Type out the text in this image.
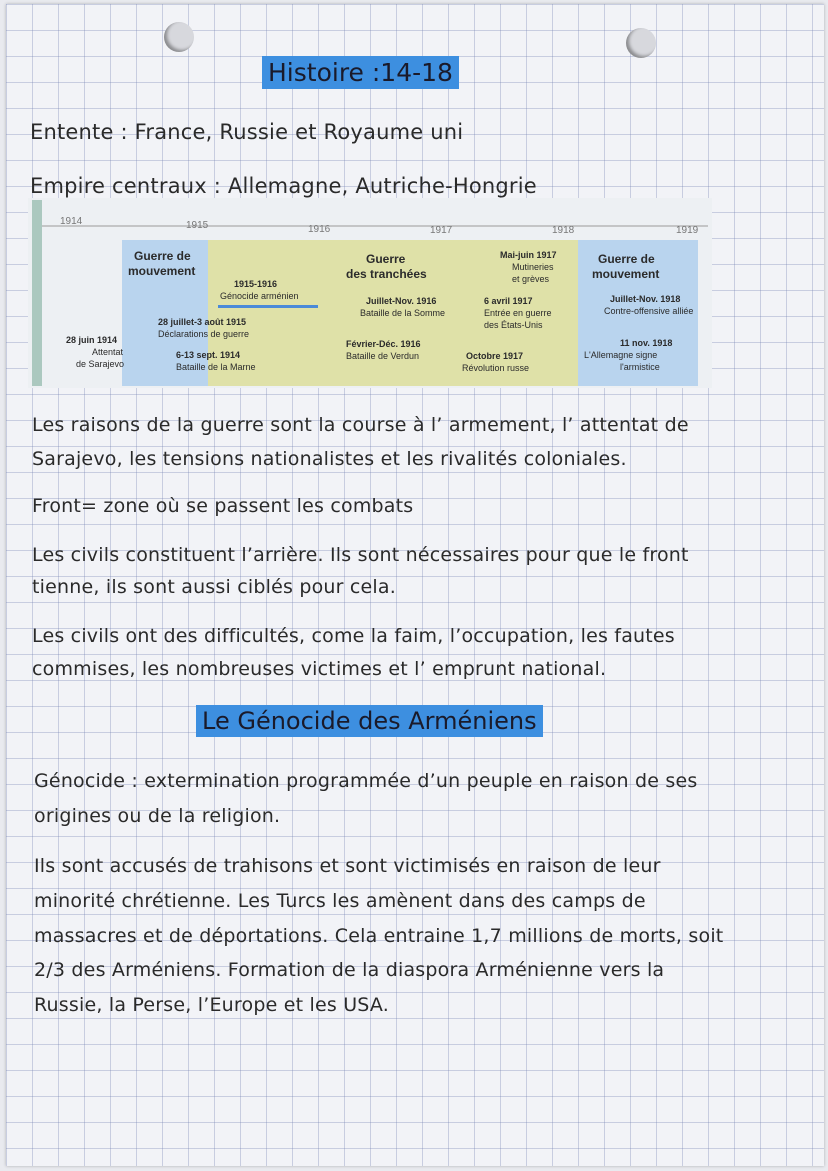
Histoire :14-18
Entente : France, Russie et Royaume uni
Empire centraux : Allemagne, Autriche-Hongrie
1914	1915	1916	1917	1918	1919
Guerre de
mouvement
Guerre
des tranchées
Guerre de
mouvement
28 juin 1914
Attentat
de Sarajevo
28 juillet-3 août 1915
Déclarations de guerre
6-13 sept. 1914
Bataille de la Marne
1915-1916
Génocide arménien	Juillet-Nov. 1916
Bataille de la Somme
Février-Déc. 1916
Bataille de Verdun
Mai-juin 1917
Mutineries
et grèves
6 avril 1917
Entrée en guerre
des États-Unis
Octobre 1917
Révolution russe
Juillet-Nov. 1918
Contre-offensive alliée
11 nov. 1918
L'Allemagne signe
l'armistice
Les raisons de la guerre sont la course à l’ armement, l’ attentat de
Sarajevo, les tensions nationalistes et les rivalités coloniales.
Front= zone où se passent les combats
Les civils constituent l’arrière. Ils sont nécessaires pour que le front
tienne, ils sont aussi ciblés pour cela.
Les civils ont des difficultés, come la faim, l’occupation, les fautes
commises, les nombreuses victimes et l’ emprunt national.
Le Génocide des Arméniens
Génocide : extermination programmée d’un peuple en raison de ses
origines ou de la religion.
Ils sont accusés de trahisons et sont victimisés en raison de leur
minorité chrétienne. Les Turcs les amènent dans des camps de
massacres et de déportations. Cela entraine 1,7 millions de morts, soit
2/3 des Arméniens. Formation de la diaspora Arménienne vers la
Russie, la Perse, l’Europe et les USA.
